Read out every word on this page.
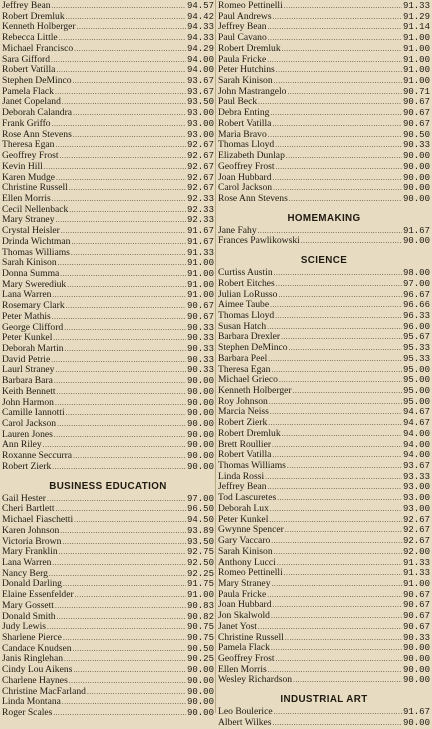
Jeffrey Bean .....	94.57
Robert Dremluk .....	94.42
Kenneth Holberger .....	94.33
Rebecca Little .....	94.33
Michael Francisco .....	94.29
Sara Gifford .....	94.00
Robert Vatilla .....	94.00
Stephen DeMinco .....	93.67
Pamela Flack .....	93.67
Janet Copeland .....	93.50
Deborah Calandra .....	93.00
Frank Griffo .....	93.00
Rose Ann Stevens .....	93.00
Theresa Egan .....	92.67
Geoffrey Frost .....	92.67
Kevin Hill .....	92.67
Karen Mudge .....	92.67
Christine Russell .....	92.67
Ellen Morris .....	92.33
Cecil Nellenback .....	92.33
Mary Straney .....	92.33
Crystal Heisler .....	91.67
Drinda Wichtman .....	91.67
Thomas Williams .....	91.33
Sarah Kinison .....	91.00
Donna Summa .....	91.00
Mary Swerediuk .....	91.00
Lana Warren .....	91.00
Rosemary Clark .....	90.67
Peter Mathis .....	90.67
George Clifford .....	90.33
Peter Kunkel .....	90.33
Deborah Martin .....	90.33
David Petrie .....	90.33
Laurl Straney .....	90.33
Barbara Bara .....	90.00
Keith Bennett .....	90.00
John Harmon .....	90.00
Camille Iannotti .....	90.00
Carol Jackson .....	90.00
Lauren Jones .....	90.00
Ann Riley .....	90.00
Roxanne Seccurra .....	90.00
Robert Zierk .....	90.00
BUSINESS EDUCATION
Gail Hester .....	97.00
Cheri Bartlett .....	96.50
Michael Fiaschetti .....	94.50
Karen Johnson .....	93.89
Victoria Brown .....	93.50
Mary Franklin .....	92.75
Lana Warren .....	92.50
Nancy Berg .....	92.25
Donald Darling .....	91.75
Elaine Essenfelder .....	91.00
Mary Gossett .....	90.83
Donald Smith .....	90.82
Judy Lewis .....	90.75
Sharlene Pierce .....	90.75
Candace Knudsen .....	90.50
Janis Ringlehan .....	90.25
Cindy Lou Aikens .....	90.00
Charlene Haynes .....	90.00
Christine MacFarland .....	90.00
Linda Montana .....	90.00
Roger Scales .....	90.00
Romeo Pettinelli .....	91.33
Paul Andrews .....	91.29
Jeffrey Bean .....	91.14
Paul Cavano .....	91.00
Robert Dremluk .....	91.00
Paula Fricke .....	91.00
Peter Hutchins .....	91.00
Sarah Kinison .....	91.00
John Mastrangelo .....	90.71
Paul Beck .....	90.67
Debra Enting .....	90.67
Robert Vatilla .....	90.67
Maria Bravo .....	90.50
Thomas Lloyd .....	90.33
Elizabeth Dunlap .....	90.00
Geoffrey Frost .....	90.00
Joan Hubbard .....	90.00
Carol Jackson .....	90.00
Rose Ann Stevens .....	90.00
HOMEMAKING
Jane Fahy .....	91.67
Frances Pawlikowski .....	90.00
SCIENCE
Curtiss Austin .....	98.00
Robert Eitches .....	97.00
Julian LoRusso .....	96.67
Aimee Taube .....	96.66
Thomas Lloyd .....	96.33
Susan Hatch .....	96.00
Barbara Drexler .....	95.67
Stephen DeMinco .....	95.33
Barbara Peel .....	95.33
Theresa Egan .....	95.00
Michael Grieco .....	95.00
Kenneth Holberger .....	95.00
Roy Johnson .....	95.00
Marcia Neiss .....	94.67
Robert Zierk .....	94.67
Robert Dremluk .....	94.00
Brett Roullier .....	94.00
Robert Vatilla .....	94.00
Thomas Williams .....	93.67
Linda Rossi .....	93.33
Jeffrey Bean .....	93.00
Tod Lascuretes .....	93.00
Deborah Lux .....	93.00
Peter Kunkel .....	92.67
Gwynne Spencer .....	92.67
Gary Vaccaro .....	92.67
Sarah Kinison .....	92.00
Anthony Lucci .....	91.33
Romeo Pettinelli .....	91.33
Mary Straney .....	91.00
Paula Fricke .....	90.67
Joan Hubbard .....	90.67
Jon Skalwold .....	90.67
Janet Yost .....	90.67
Christine Russell .....	90.33
Pamela Flack .....	90.00
Geoffrey Frost .....	90.00
Ellen Morris .....	90.00
Wesley Richardson .....	90.00
INDUSTRIAL ART
Leo Boulerice .....	91.67
Albert Wilkes .....	90.00
